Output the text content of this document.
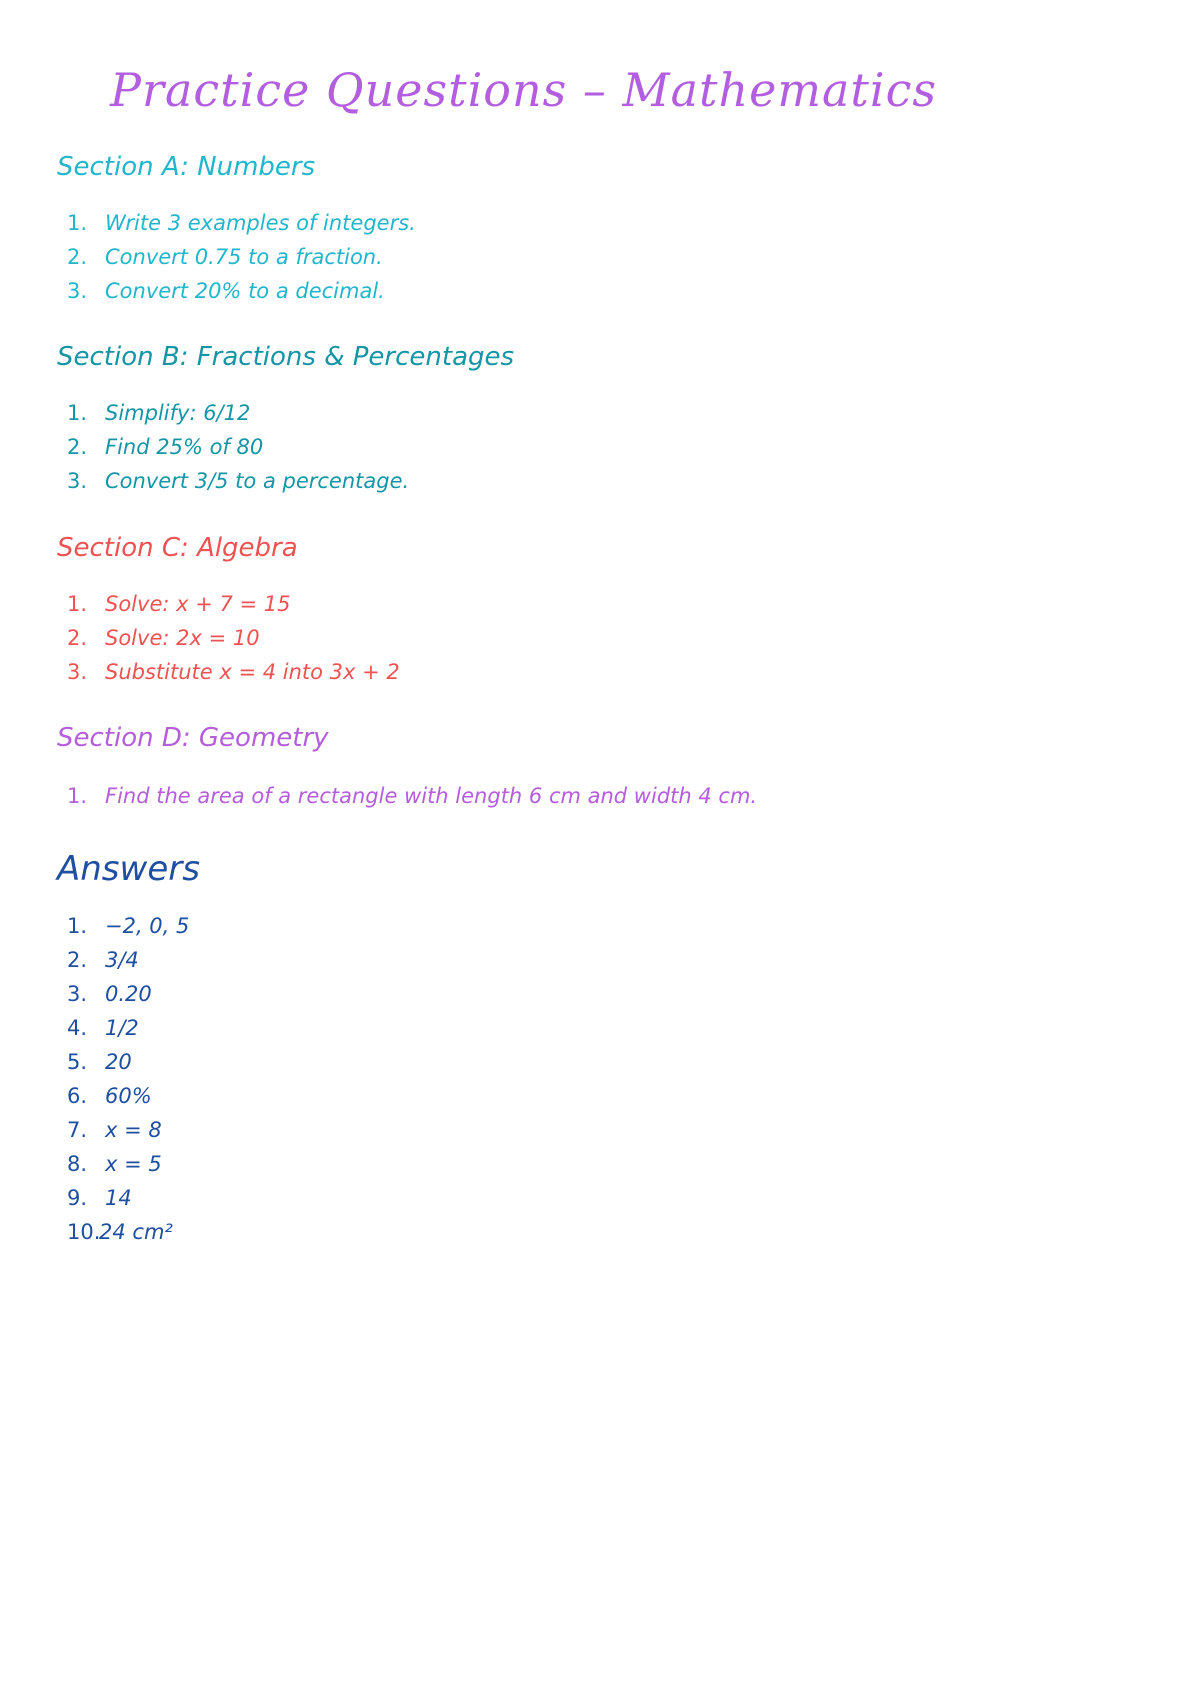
Practice Questions – Mathematics
Section A: Numbers
1. Write 3 examples of integers.
2. Convert 0.75 to a fraction.
3. Convert 20% to a decimal.
Section B: Fractions & Percentages
1. Simplify: 6/12
2. Find 25% of 80
3. Convert 3/5 to a percentage.
Section C: Algebra
1. Solve: x + 7 = 15
2. Solve: 2x = 10
3. Substitute x = 4 into 3x + 2
Section D: Geometry
1. Find the area of a rectangle with length 6 cm and width 4 cm.
Answers
1. −2, 0, 5
2. 3/4
3. 0.20
4. 1/2
5. 20
6. 60%
7. x = 8
8. x = 5
9. 14
10.
24 cm²
